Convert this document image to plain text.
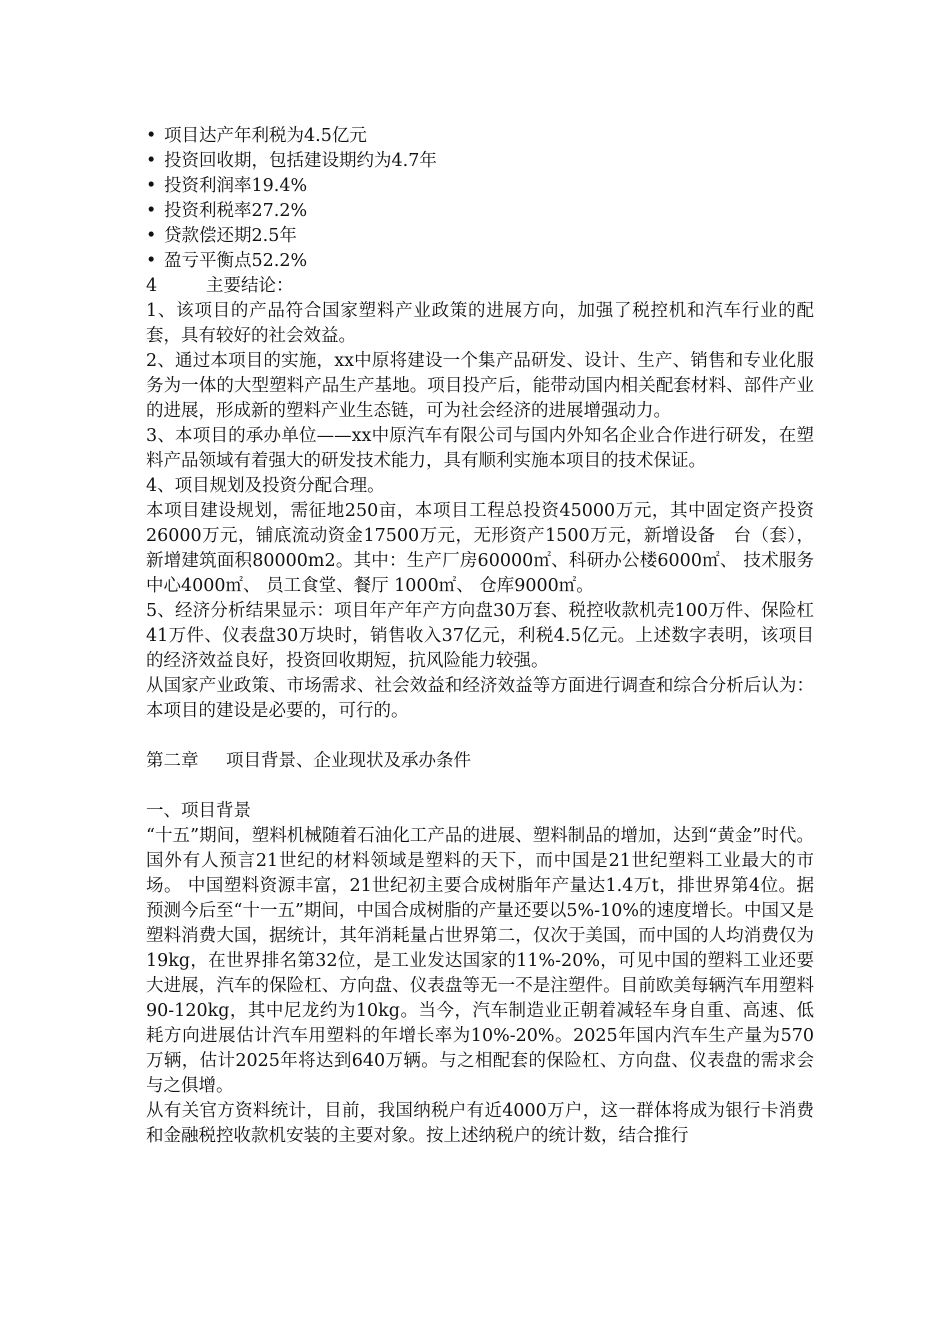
• 项目达产年利税为4.5亿元
• 投资回收期，包括建设期约为4.7年
• 投资利润率19.4%
• 投资利税率27.2%
• 贷款偿还期2.5年
• 盈亏平衡点52.2%

4	主要结论：

1、该项目的产品符合国家塑料产业政策的进展方向，加强了税控机和汽车行业的配套，具有较好的社会效益。

2、通过本项目的实施，xx中原将建设一个集产品研发、设计、生产、销售和专业化服务为一体的大型塑料产品生产基地。项目投产后，能带动国内相关配套材料、部件产业的进展，形成新的塑料产业生态链，可为社会经济的进展增强动力。

3、本项目的承办单位——xx中原汽车有限公司与国内外知名企业合作进行研发，在塑料产品领域有着强大的研发技术能力，具有顺利实施本项目的技术保证。

4、项目规划及投资分配合理。

本项目建设规划，需征地250亩，本项目工程总投资45000万元，其中固定资产投资26000万元，铺底流动资金17500万元，无形资产1500万元，新增设备　台（套），新增建筑面积80000m2。其中：生产厂房60000㎡、科研办公楼6000㎡、 技术服务中心4000㎡、 员工食堂、餐厅 1000㎡、 仓库9000㎡。

5、经济分析结果显示：项目年产年产方向盘30万套、税控收款机壳100万件、保险杠41万件、仪表盘30万块时，销售收入37亿元，利税4.5亿元。上述数字表明，该项目的经济效益良好，投资回收期短，抗风险能力较强。

从国家产业政策、市场需求、社会效益和经济效益等方面进行调查和综合分析后认为：本项目的建设是必要的，可行的。

第二章 项目背景、企业现状及承办条件

一、项目背景

“十五”期间，塑料机械随着石油化工产品的进展、塑料制品的增加，达到“黄金”时代。国外有人预言21世纪的材料领域是塑料的天下，而中国是21世纪塑料工业最大的市场。 中国塑料资源丰富，21世纪初主要合成树脂年产量达1.4万t，排世界第4位。据预测今后至“十一五”期间，中国合成树脂的产量还要以5%-10%的速度增长。中国又是塑料消费大国，据统计，其年消耗量占世界第二，仅次于美国，而中国的人均消费仅为19kg，在世界排名第32位，是工业发达国家的11%-20%，可见中国的塑料工业还要大进展，汽车的保险杠、方向盘、仪表盘等无一不是注塑件。目前欧美每辆汽车用塑料90-120kg，其中尼龙约为10kg。当今，汽车制造业正朝着减轻车身自重、高速、低耗方向进展估计汽车用塑料的年增长率为10%-20%。2025年国内汽车生产量为570万辆，估计2025年将达到640万辆。与之相配套的保险杠、方向盘、仪表盘的需求会与之俱增。

从有关官方资料统计，目前，我国纳税户有近4000万户，这一群体将成为银行卡消费和金融税控收款机安装的主要对象。按上述纳税户的统计数，结合推行
